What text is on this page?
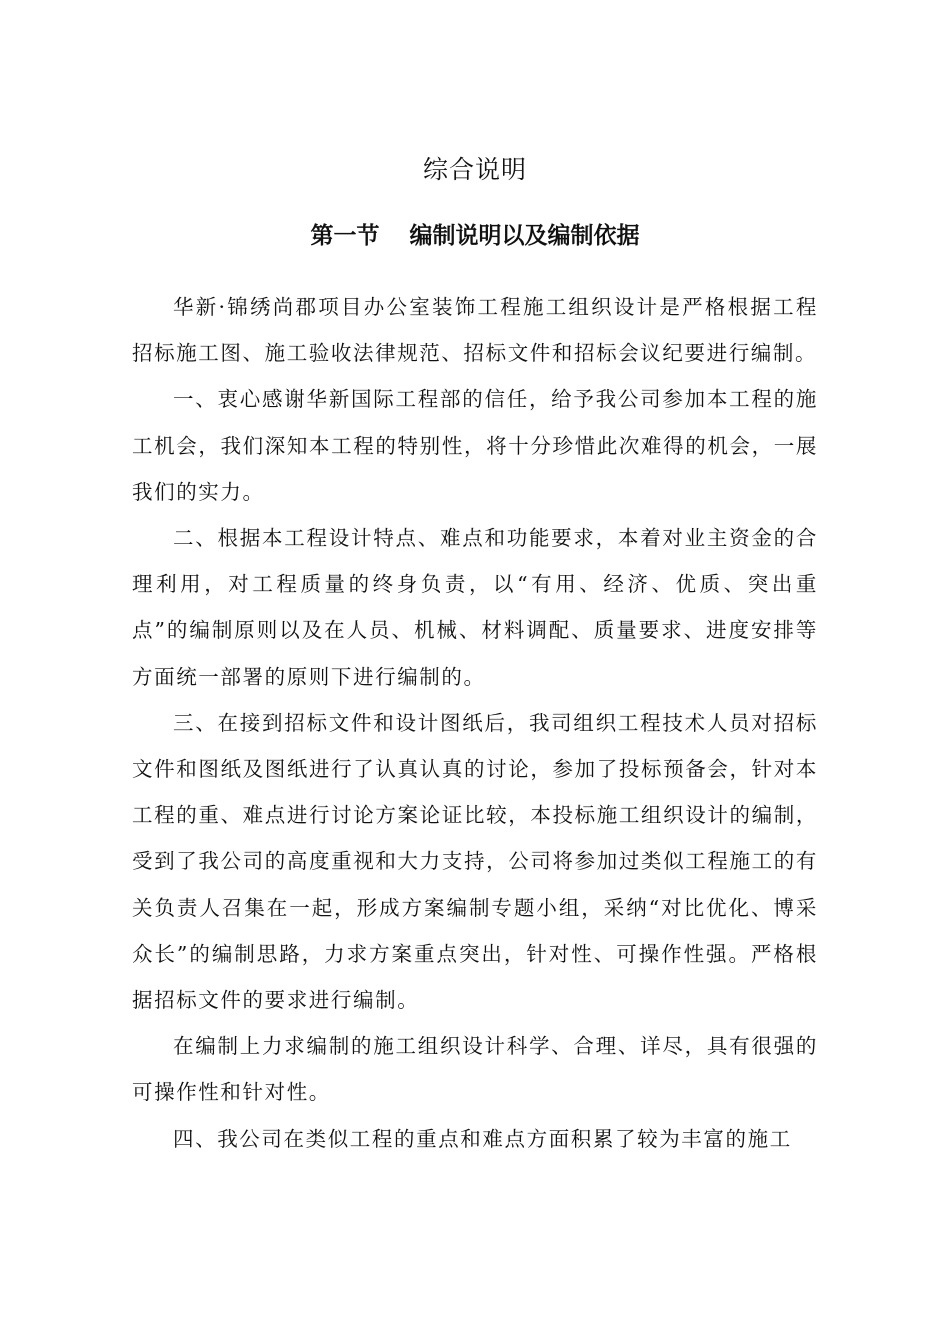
综合说明
第一节 编制说明以及编制依据

华新·锦绣尚郡项目办公室装饰工程施工组织设计是严格根据工程招标施工图、施工验收法律规范、招标文件和招标会议纪要进行编制。

一、衷心感谢华新国际工程部的信任，给予我公司参加本工程的施工机会，我们深知本工程的特别性，将十分珍惜此次难得的机会，一展我们的实力。

二、根据本工程设计特点、难点和功能要求，本着对业主资金的合理利用，对工程质量的终身负责，以“有用、经济、优质、突出重点”的编制原则以及在人员、机械、材料调配、质量要求、进度安排等方面统一部署的原则下进行编制的。

三、在接到招标文件和设计图纸后，我司组织工程技术人员对招标文件和图纸及图纸进行了认真认真的讨论，参加了投标预备会，针对本工程的重、难点进行讨论方案论证比较，本投标施工组织设计的编制，受到了我公司的高度重视和大力支持，公司将参加过类似工程施工的有关负责人召集在一起，形成方案编制专题小组，采纳“对比优化、博采众长”的编制思路，力求方案重点突出，针对性、可操作性强。严格根据招标文件的要求进行编制。

在编制上力求编制的施工组织设计科学、合理、详尽，具有很强的可操作性和针对性。

四、我公司在类似工程的重点和难点方面积累了较为丰富的施工
